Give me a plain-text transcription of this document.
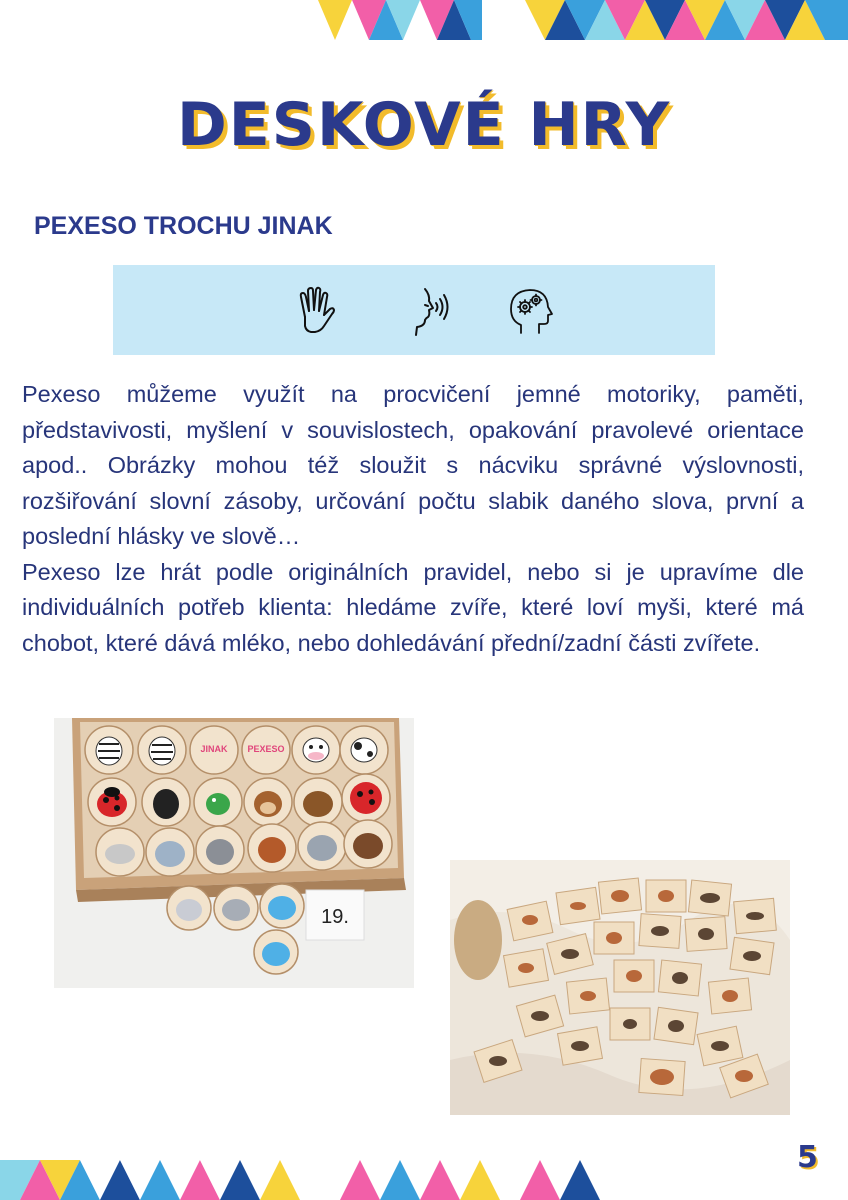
DESKOVÉ HRY
PEXESO TROCHU JINAK

Pexeso můžeme využít na procvičení jemné motoriky, paměti, představivosti, myšlení v souvislostech, opakování pravolevé orientace apod.. Obrázky mohou též sloužit s nácviku správné výslovnosti, rozšiřování slovní zásoby, určování počtu slabik daného slova, první a poslední hlásky ve slově…

Pexeso lze hrát podle originálních pravidel, nebo si je upravíme dle individuálních potřeb klienta: hledáme zvíře, které loví myši, které má chobot, které dává mléko, nebo dohledávání přední/zadní části zvířete.

JINAK PEXESO
19.
5
